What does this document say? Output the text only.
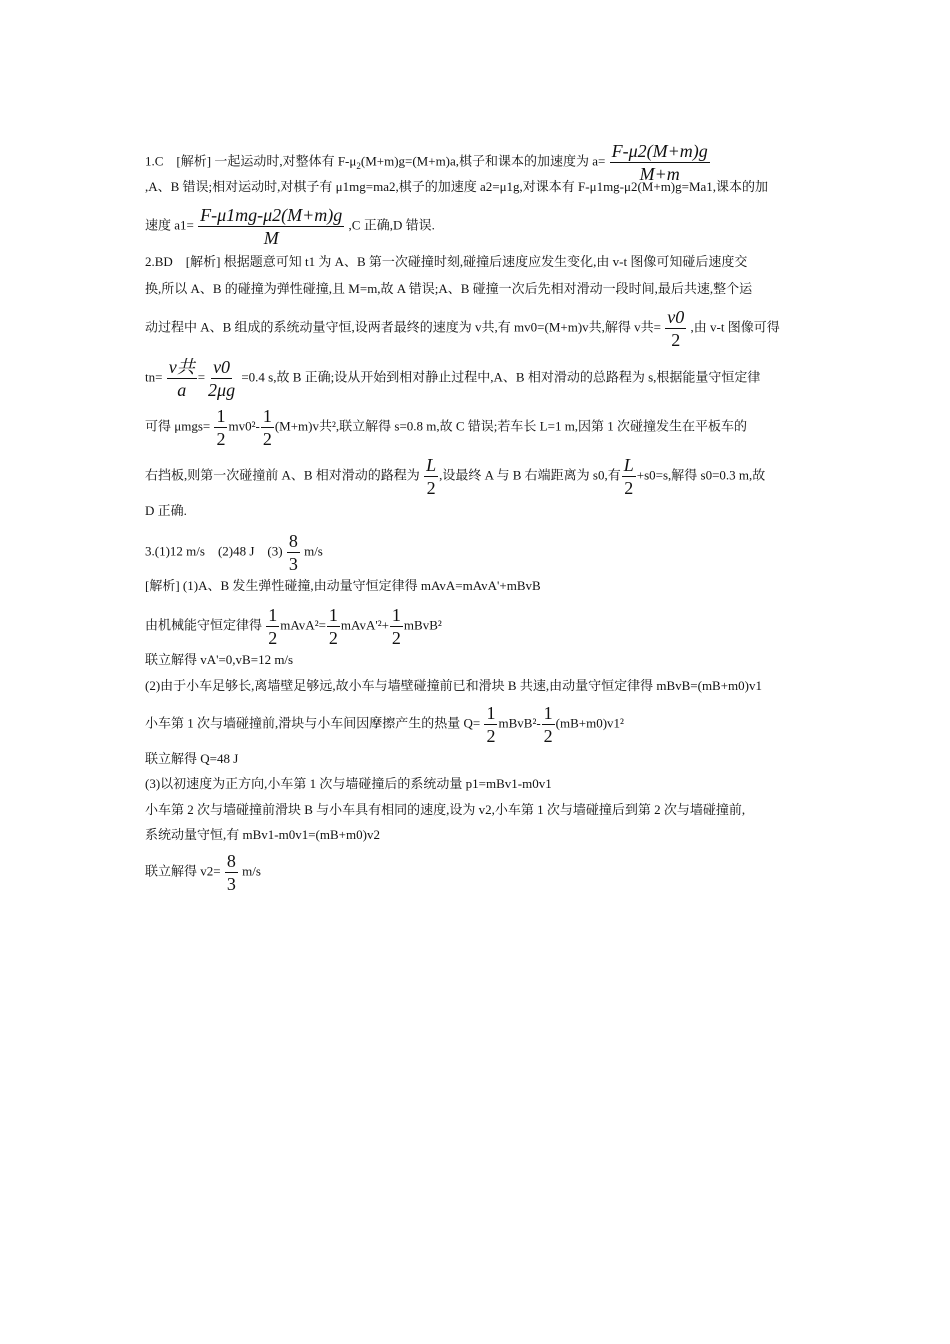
1.C　[解析] 一起运动时,对整体有 $F-\mu_2(M+m)g=(M+m)a$,棋子和课本的加速度为 $a= \frac{F-\mu 2(M+m)g}{M+m}$
,A、B 错误;相对运动时,对棋子有 μ1mg=ma2,棋子的加速度 a2=μ1g,对课本有 F-μ1mg-μ2(M+m)g=Ma1,课本的加
速度 $a1= \frac{F-\mu 1mg-\mu 2(M+m)g}{M} ,C$ 正确,D 错误.
2.BD　[解析] 根据题意可知 t1 为 A、B 第一次碰撞时刻,碰撞后速度应发生变化,由 v-t 图像可知碰后速度交
换,所以 A、B 的碰撞为弹性碰撞,且 M=m,故 A 错误;A、B 碰撞一次后先相对滑动一段时间,最后共速,整个运
动过程中 A、B 组成的系统动量守恒,设两者最终的速度为 v共,有 mv0=(M+m)v共,解得 v共= $\frac{v0}{2}$ ,由 v-t 图像可得
$tn= \frac{\text{v共}}{a} = \frac{v0}{2\mu g} =0.4$ s,故 B 正确;设从开始到相对静止过程中,A、B 相对滑动的总路程为 s,根据能量守恒定律
可得 $\mu mgs= \frac{1}{2} mv0^2- \frac{1}{2} (M+m)v$共²,联立解得 s=0.8 m,故 C 错误;若车长 L=1 m,因第 1 次碰撞发生在平板车的
右挡板,则第一次碰撞前 A、B 相对滑动的路程为 $\frac{L}{2}$ ,设最终 A 与 B 右端距离为 s0,有 $\frac{L}{2} +s0=s$,解得 s0=0.3 m,故
D 正确.
3.(1)12 m/s　(2)48 J　$(3) \frac{8}{3} m/s$
[解析] (1)A、B 发生弹性碰撞,由动量守恒定律得 mAvA=mAvA'+mBvB
由机械能守恒定律得 $\frac{1}{2}$ mAvA²= $\frac{1}{2}$ mAvA'²+ $\frac{1}{2}$ mBvB²
联立解得 vA'=0,vB=12 m/s
(2)由于小车足够长,离墙壁足够远,故小车与墙壁碰撞前已和滑块 B 共速,由动量守恒定律得 mBvB=(mB+m0)v1
小车第 1 次与墙碰撞前,滑块与小车间因摩擦产生的热量 $Q= \frac{1}{2}$ mBvB²- $\frac{1}{2} (mB+m0)v1^2$
联立解得 Q=48 J
(3)以初速度为正方向,小车第 1 次与墙碰撞后的系统动量 p1=mBv1-m0v1
小车第 2 次与墙碰撞前滑块 B 与小车具有相同的速度,设为 v2,小车第 1 次与墙碰撞后到第 2 次与墙碰撞前,
系统动量守恒,有 mBv1-m0v1=(mB+m0)v2
联立解得 $v2= \frac{8}{3} m/s$
